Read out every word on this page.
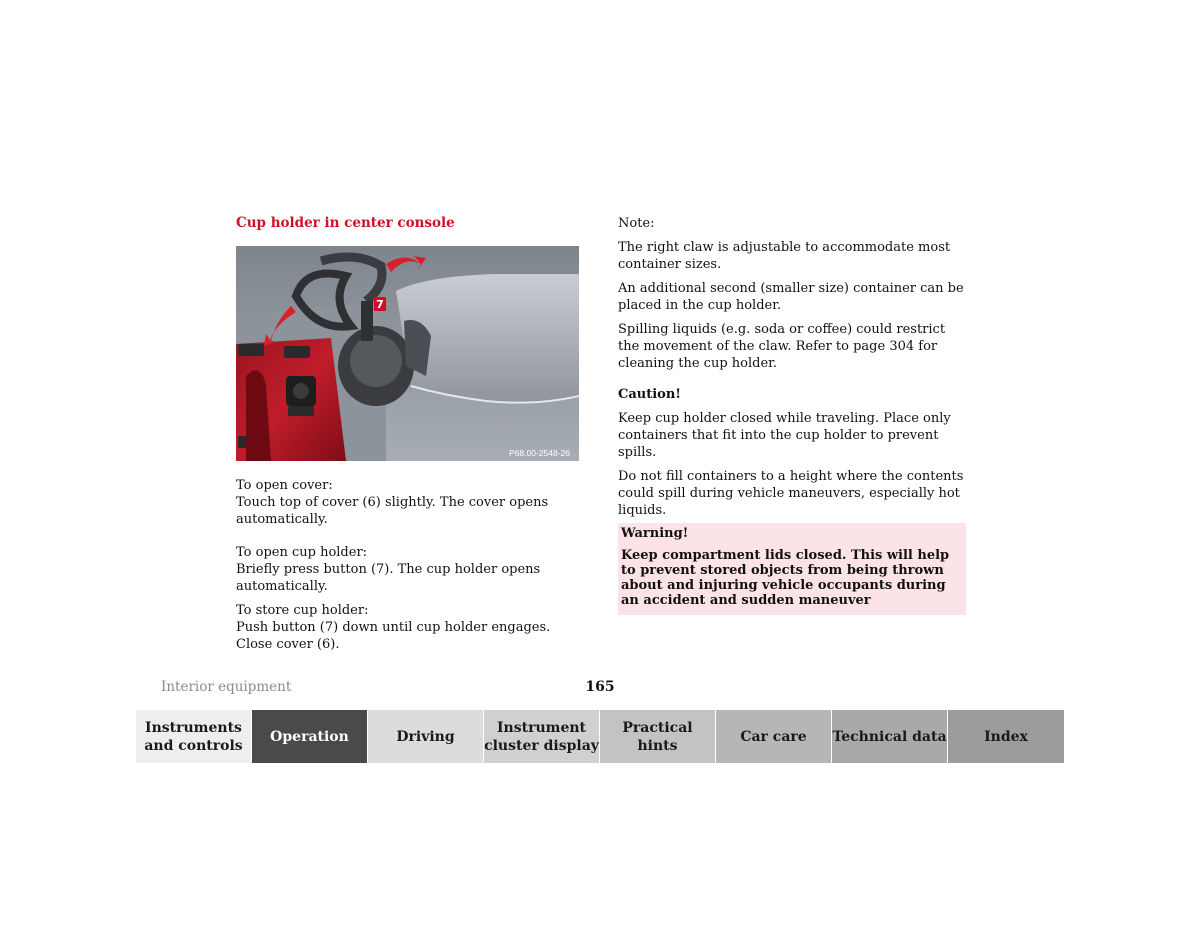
Cup holder in center console
7
P68.00-2548-26

To open cover:
Touch top of cover (6) slightly. The cover opens automatically.

To open cup holder:
Briefly press button (7). The cup holder opens automatically.

To store cup holder:
Push button (7) down until cup holder engages. Close cover (6).

Note:

The right claw is adjustable to accommodate most container sizes.

An additional second (smaller size) container can be placed in the cup holder.

Spilling liquids (e.g. soda or coffee) could restrict the movement of the claw. Refer to page 304 for cleaning the cup holder.

Caution!

Keep cup holder closed while traveling. Place only containers that fit into the cup holder to prevent spills.

Do not fill containers to a height where the contents could spill during vehicle maneuvers, especially hot liquids.

Warning!
Keep compartment lids closed. This will help to prevent stored objects from being thrown about and injuring vehicle occupants during an accident and sudden maneuver
Interior equipment	165
Instruments and controls
Operation	Driving
Instrument cluster display
Practical hints
Car care	Technical data	Index
